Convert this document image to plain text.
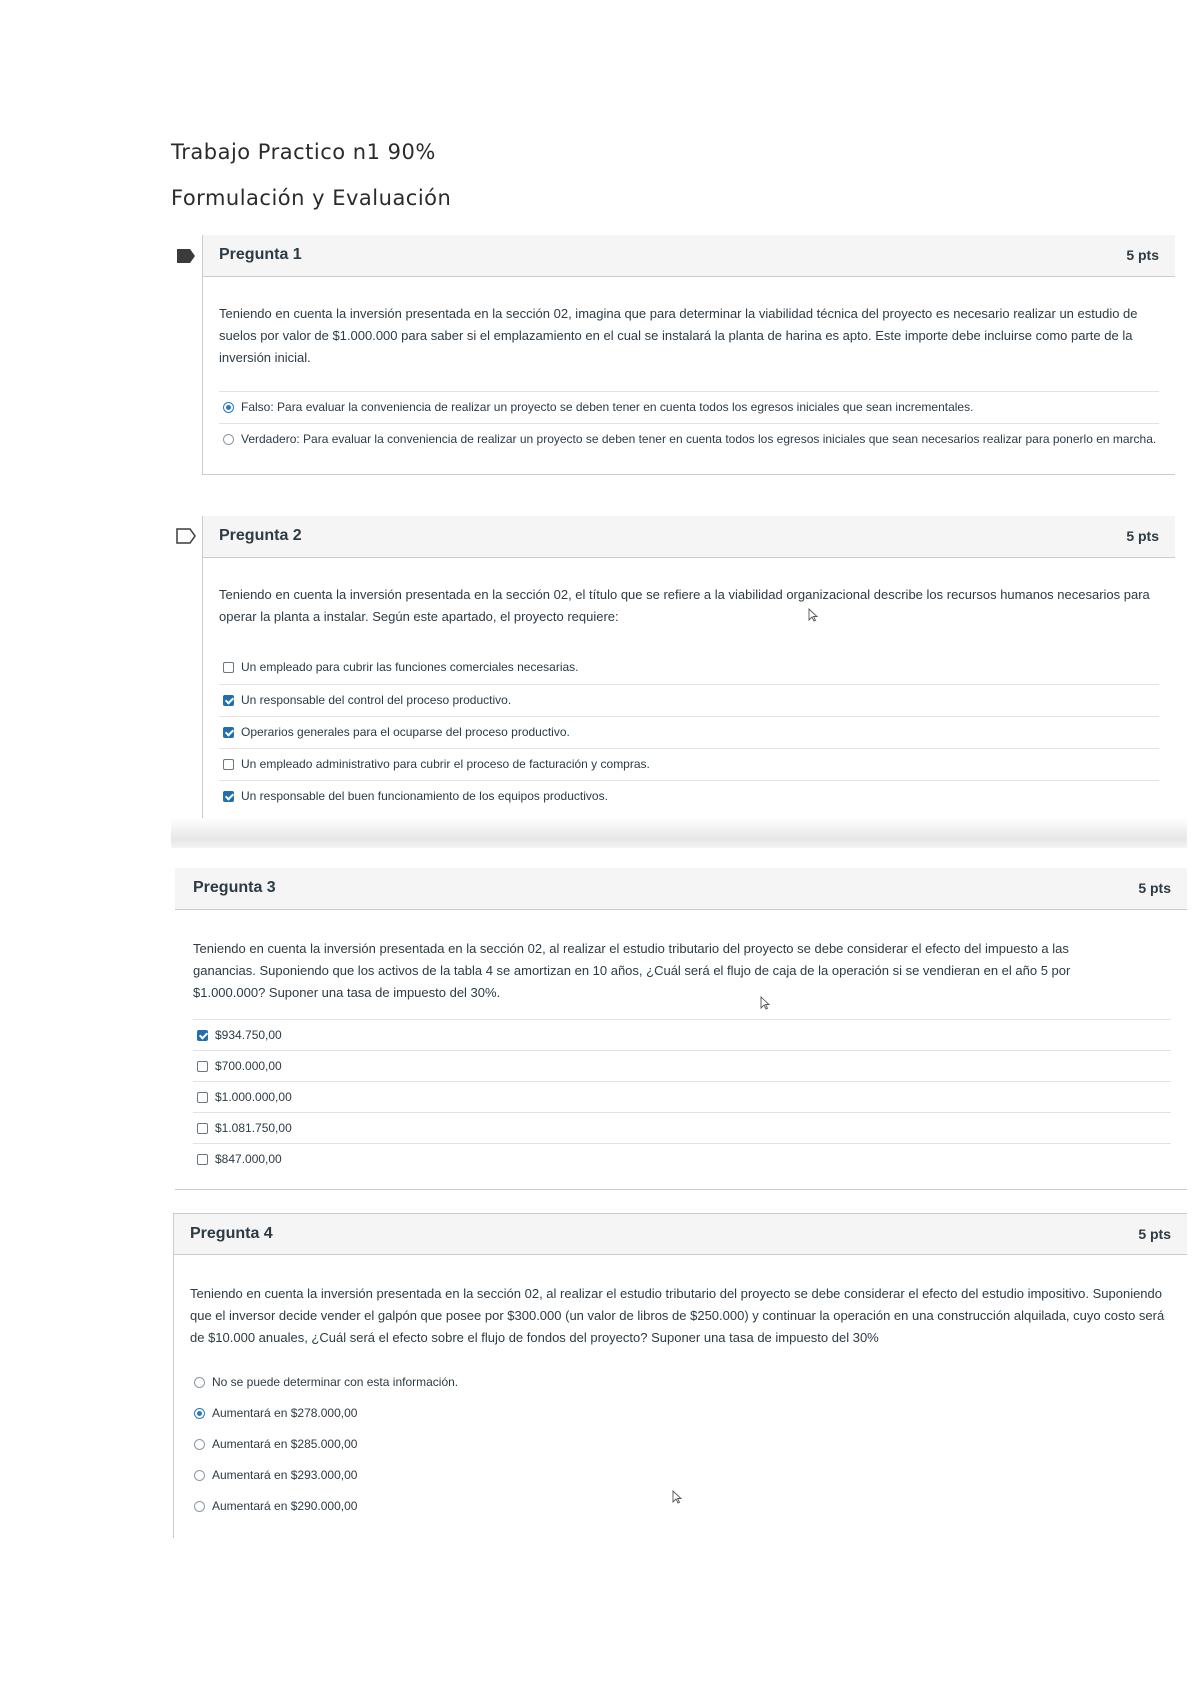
Trabajo Practico n1 90%
Formulación y Evaluación
Pregunta 1	5 pts
Teniendo en cuenta la inversión presentada en la sección 02, imagina que para determinar la viabilidad técnica del proyecto es necesario realizar un estudio de suelos por valor de $1.000.000 para saber si el emplazamiento en el cual se instalará la planta de harina es apto. Este importe debe incluirse como parte de la inversión inicial.
Falso: Para evaluar la conveniencia de realizar un proyecto se deben tener en cuenta todos los egresos iniciales que sean incrementales.
Verdadero: Para evaluar la conveniencia de realizar un proyecto se deben tener en cuenta todos los egresos iniciales que sean necesarios realizar para ponerlo en marcha.
Pregunta 2	5 pts
Teniendo en cuenta la inversión presentada en la sección 02, el título que se refiere a la viabilidad organizacional describe los recursos humanos necesarios para operar la planta a instalar. Según este apartado, el proyecto requiere:
Un empleado para cubrir las funciones comerciales necesarias.
Un responsable del control del proceso productivo.
Operarios generales para el ocuparse del proceso productivo.
Un empleado administrativo para cubrir el proceso de facturación y compras.
Un responsable del buen funcionamiento de los equipos productivos.
Pregunta 3	5 pts
Teniendo en cuenta la inversión presentada en la sección 02, al realizar el estudio tributario del proyecto se debe considerar el efecto del impuesto a las ganancias. Suponiendo que los activos de la tabla 4 se amortizan en 10 años, ¿Cuál será el flujo de caja de la operación si se vendieran en el año 5 por $1.000.000? Suponer una tasa de impuesto del 30%.
$934.750,00
$700.000,00
$1.000.000,00
$1.081.750,00
$847.000,00
Pregunta 4	5 pts
Teniendo en cuenta la inversión presentada en la sección 02, al realizar el estudio tributario del proyecto se debe considerar el efecto del estudio impositivo. Suponiendo que el inversor decide vender el galpón que posee por $300.000 (un valor de libros de $250.000) y continuar la operación en una construcción alquilada, cuyo costo será de $10.000 anuales, ¿Cuál será el efecto sobre el flujo de fondos del proyecto? Suponer una tasa de impuesto del 30%
No se puede determinar con esta información.
Aumentará en $278.000,00
Aumentará en $285.000,00
Aumentará en $293.000,00
Aumentará en $290.000,00
